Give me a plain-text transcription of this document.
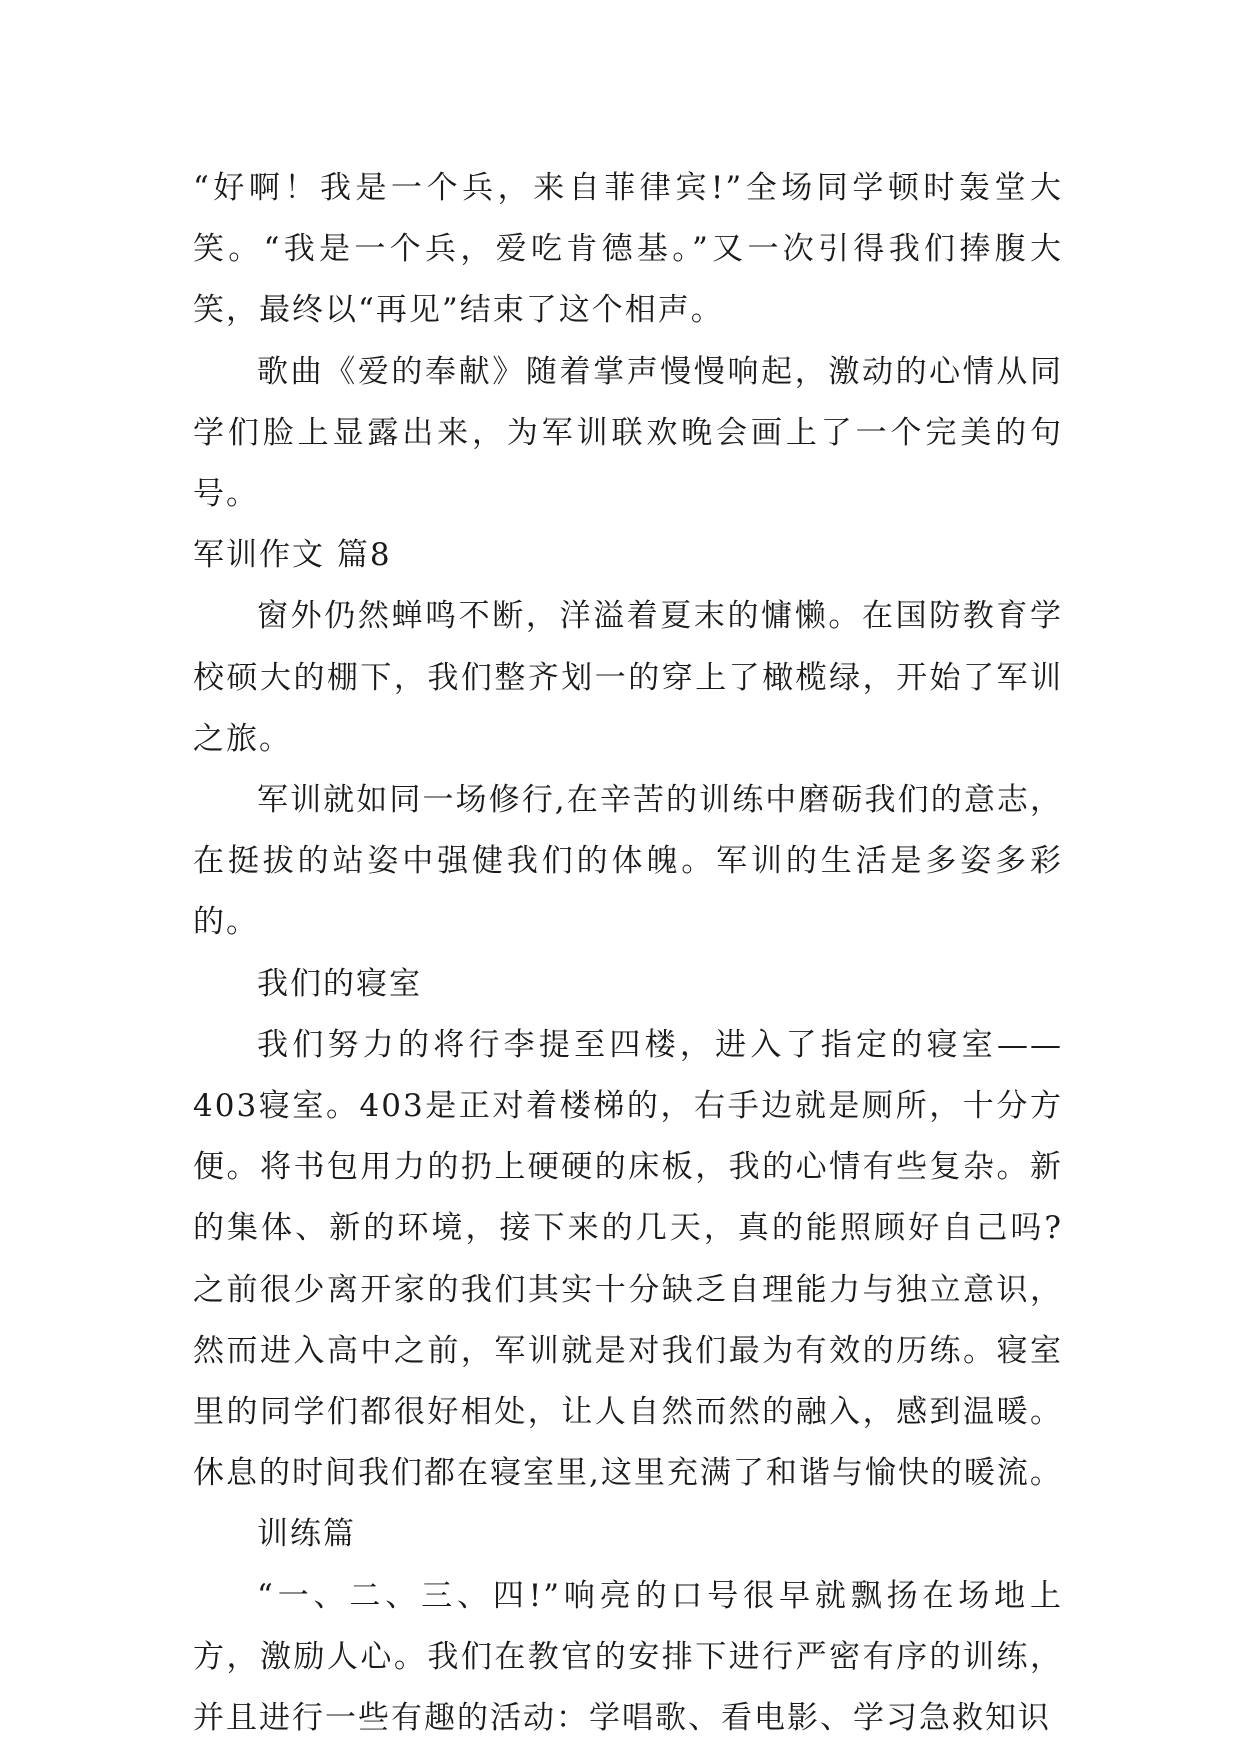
“好啊！我是一个兵，来自菲律宾!”全场同学顿时轰堂大笑。“我是一个兵，爱吃肯德基。”又一次引得我们捧腹大笑，最终以“再见”结束了这个相声。

歌曲《爱的奉献》随着掌声慢慢响起，激动的心情从同学们脸上显露出来，为军训联欢晚会画上了一个完美的句号。

军训作文 篇8

窗外仍然蝉鸣不断，洋溢着夏末的慵懒。在国防教育学校硕大的棚下，我们整齐划一的穿上了橄榄绿，开始了军训之旅。

军训就如同一场修行,在辛苦的训练中磨砺我们的意志，在挺拔的站姿中强健我们的体魄。军训的生活是多姿多彩的。

我们的寝室

我们努力的将行李提至四楼，进入了指定的寝室——403寝室。403是正对着楼梯的，右手边就是厕所，十分方便。将书包用力的扔上硬硬的床板，我的心情有些复杂。新的集体、新的环境，接下来的几天，真的能照顾好自己吗?之前很少离开家的我们其实十分缺乏自理能力与独立意识，然而进入高中之前，军训就是对我们最为有效的历练。寝室里的同学们都很好相处，让人自然而然的融入，感到温暖。休息的时间我们都在寝室里,这里充满了和谐与愉快的暖流。

训练篇

“一、二、三、四!”响亮的口号很早就飘扬在场地上方，激励人心。我们在教官的安排下进行严密有序的训练，并且进行一些有趣的活动：学唱歌、看电影、学习急救知识
